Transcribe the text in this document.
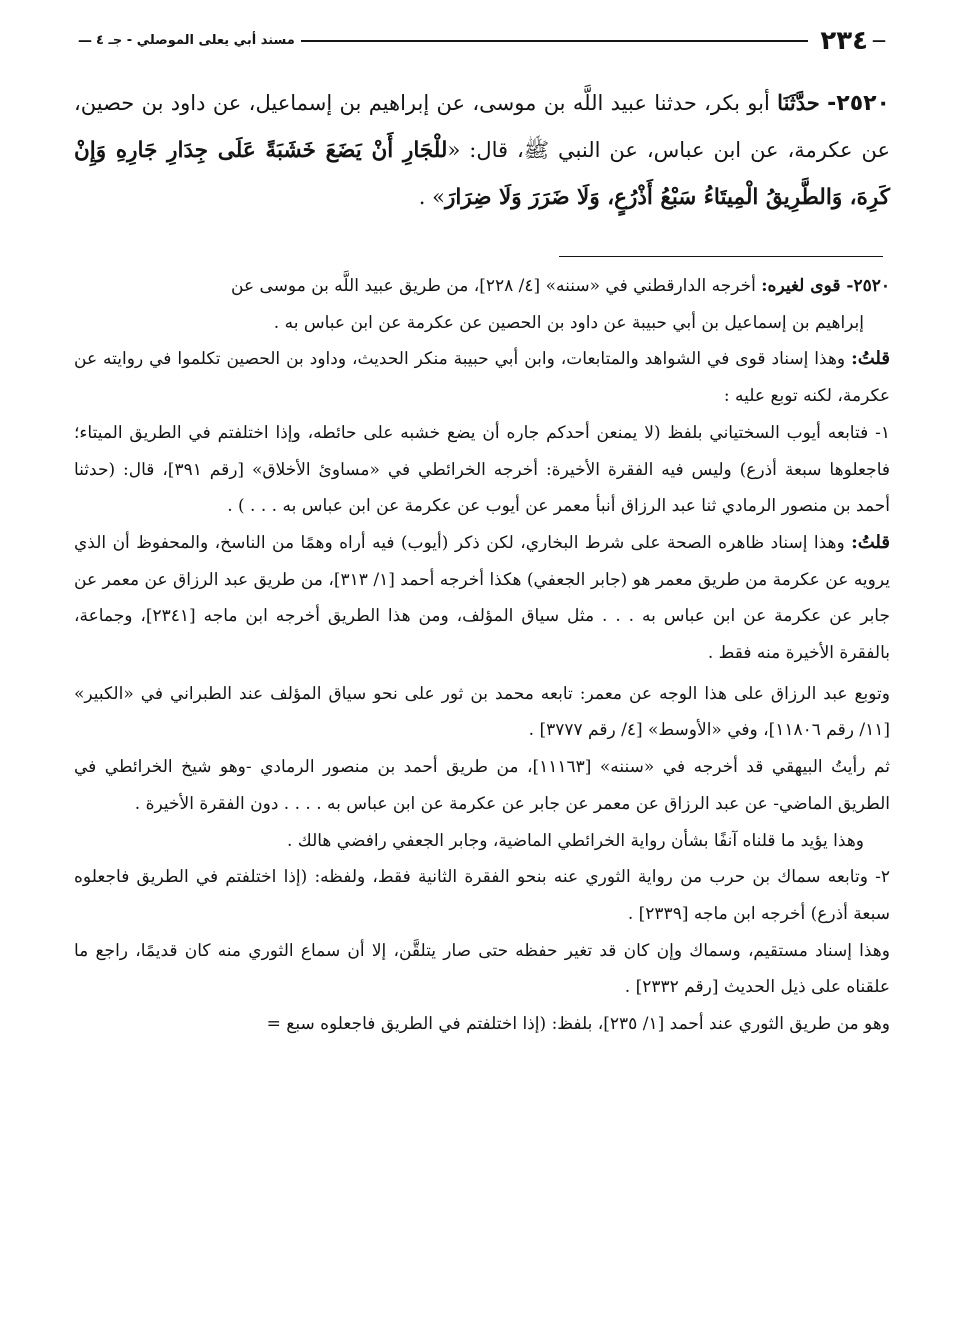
—
٢٣٤
مسند أبي يعلى الموصلي - جـ ٤
—

٢٥٢٠- حدَّثَنَا أبو بكر، حدثنا عبيد اللَّه بن موسى، عن إبراهيم بن إسماعيل، عن داود بن حصين، عن عكرمة، عن ابن عباس، عن النبي ﷺ، قال: «للْجَارِ أَنْ يَضَعَ خَشَبَةً عَلَى جِدَارِ جَارِهِ وَإِنْ كَرِهَ، وَالطَّرِيقُ الْمِيتَاءُ سَبْعُ أَذْرُعٍ، وَلَا ضَرَرَ وَلَا ضِرَارَ» .

٢٥٢٠- قوى لغيره: أخرجه الدارقطني في «سننه» [٤/ ٢٢٨]، من طريق عبيد اللَّه بن موسى عن

إبراهيم بن إسماعيل بن أبي حبيبة عن داود بن الحصين عن عكرمة عن ابن عباس به .

قلتُ: وهذا إسناد قوى في الشواهد والمتابعات، وابن أبي حبيبة منكر الحديث، وداود بن الحصين تكلموا في روايته عن عكرمة، لكنه توبع عليه :

١- فتابعه أيوب السختياني بلفظ (لا يمنعن أحدكم جاره أن يضع خشبه على حائطه، وإذا اختلفتم في الطريق الميتاء؛ فاجعلوها سبعة أذرع) وليس فيه الفقرة الأخيرة: أخرجه الخرائطي في «مساوئ الأخلاق» [رقم ٣٩١]، قال: (حدثنا أحمد بن منصور الرمادي ثنا عبد الرزاق أنبأ معمر عن أيوب عن عكرمة عن ابن عباس به . . . ) .

قلتُ: وهذا إسناد ظاهره الصحة على شرط البخاري، لكن ذكر (أيوب) فيه أراه وهمًا من الناسخ، والمحفوظ أن الذي يرويه عن عكرمة من طريق معمر هو (جابر الجعفي) هكذا أخرجه أحمد [١/ ٣١٣]، من طريق عبد الرزاق عن معمر عن جابر عن عكرمة عن ابن عباس به . . . مثل سياق المؤلف، ومن هذا الطريق أخرجه ابن ماجه [٢٣٤١]، وجماعة، بالفقرة الأخيرة منه فقط .

وتوبع عبد الرزاق على هذا الوجه عن معمر: تابعه محمد بن ثور على نحو سياق المؤلف عند الطبراني في «الكبير» [١١/ رقم ١١٨٠٦]، وفي «الأوسط» [٤/ رقم ٣٧٧٧] .

ثم رأيتُ البيهقي قد أخرجه في «سننه» [١١١٦٣]، من طريق أحمد بن منصور الرمادي -وهو شيخ الخرائطي في الطريق الماضي- عن عبد الرزاق عن معمر عن جابر عن عكرمة عن ابن عباس به . . . . دون الفقرة الأخيرة .

وهذا يؤيد ما قلناه آنفًا بشأن رواية الخرائطي الماضية، وجابر الجعفي رافضي هالك .

٢- وتابعه سماك بن حرب من رواية الثوري عنه بنحو الفقرة الثانية فقط، ولفظه: (إذا اختلفتم في الطريق فاجعلوه سبعة أذرع) أخرجه ابن ماجه [٢٣٣٩] .

وهذا إسناد مستقيم، وسماك وإن كان قد تغير حفظه حتى صار يتلقَّن، إلا أن سماع الثوري منه كان قديمًا، راجع ما علقناه على ذيل الحديث [رقم ٢٣٣٢] .

وهو من طريق الثوري عند أحمد [١/ ٢٣٥]، بلفظ: (إذا اختلفتم في الطريق فاجعلوه سبع =
